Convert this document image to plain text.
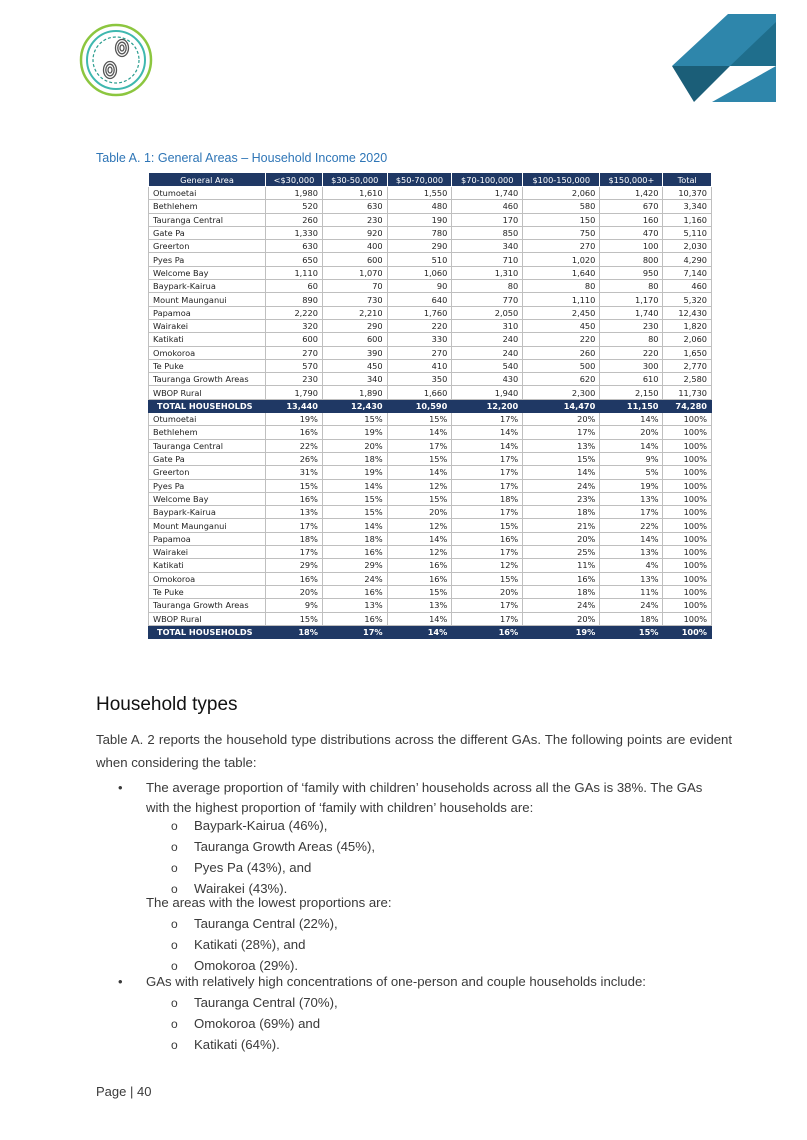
Table A. 1: General Areas – Household Income 2020
General Area	<$30,000	$30-50,000	$50-70,000	$70-100,000	$100-150,000	$150,000+	Total
Otumoetai	1,980	1,610	1,550	1,740	2,060	1,420	10,370
Bethlehem	520	630	480	460	580	670	3,340
Tauranga Central	260	230	190	170	150	160	1,160
Gate Pa	1,330	920	780	850	750	470	5,110
Greerton	630	400	290	340	270	100	2,030
Pyes Pa	650	600	510	710	1,020	800	4,290
Welcome Bay	1,110	1,070	1,060	1,310	1,640	950	7,140
Baypark-Kairua	60	70	90	80	80	80	460
Mount Maunganui	890	730	640	770	1,110	1,170	5,320
Papamoa	2,220	2,210	1,760	2,050	2,450	1,740	12,430
Wairakei	320	290	220	310	450	230	1,820
Katikati	600	600	330	240	220	80	2,060
Omokoroa	270	390	270	240	260	220	1,650
Te Puke	570	450	410	540	500	300	2,770
Tauranga Growth Areas	230	340	350	430	620	610	2,580
WBOP Rural	1,790	1,890	1,660	1,940	2,300	2,150	11,730
TOTAL HOUSEHOLDS	13,440	12,430	10,590	12,200	14,470	11,150	74,280
Otumoetai	19%	15%	15%	17%	20%	14%	100%
Bethlehem	16%	19%	14%	14%	17%	20%	100%
Tauranga Central	22%	20%	17%	14%	13%	14%	100%
Gate Pa	26%	18%	15%	17%	15%	9%	100%
Greerton	31%	19%	14%	17%	14%	5%	100%
Pyes Pa	15%	14%	12%	17%	24%	19%	100%
Welcome Bay	16%	15%	15%	18%	23%	13%	100%
Baypark-Kairua	13%	15%	20%	17%	18%	17%	100%
Mount Maunganui	17%	14%	12%	15%	21%	22%	100%
Papamoa	18%	18%	14%	16%	20%	14%	100%
Wairakei	17%	16%	12%	17%	25%	13%	100%
Katikati	29%	29%	16%	12%	11%	4%	100%
Omokoroa	16%	24%	16%	15%	16%	13%	100%
Te Puke	20%	16%	15%	20%	18%	11%	100%
Tauranga Growth Areas	9%	13%	13%	17%	24%	24%	100%
WBOP Rural	15%	16%	14%	17%	20%	18%	100%
TOTAL HOUSEHOLDS	18%	17%	14%	16%	19%	15%	100%
Household types
Table A. 2 reports the household type distributions across the different GAs. The following points are evident when considering the table:
• The average proportion of ‘family with children’ households across all the GAs is 38%. The GAs
with the highest proportion of ‘family with children’ households are:
o Baypark-Kairua (46%),
o Tauranga Growth Areas (45%),
o Pyes Pa (43%), and
o Wairakei (43%).
The areas with the lowest proportions are:
o Tauranga Central (22%),
o Katikati (28%), and
o Omokoroa (29%).
• GAs with relatively high concentrations of one-person and couple households include:
o Tauranga Central (70%),
o Omokoroa (69%) and
o Katikati (64%).
Page | 40
